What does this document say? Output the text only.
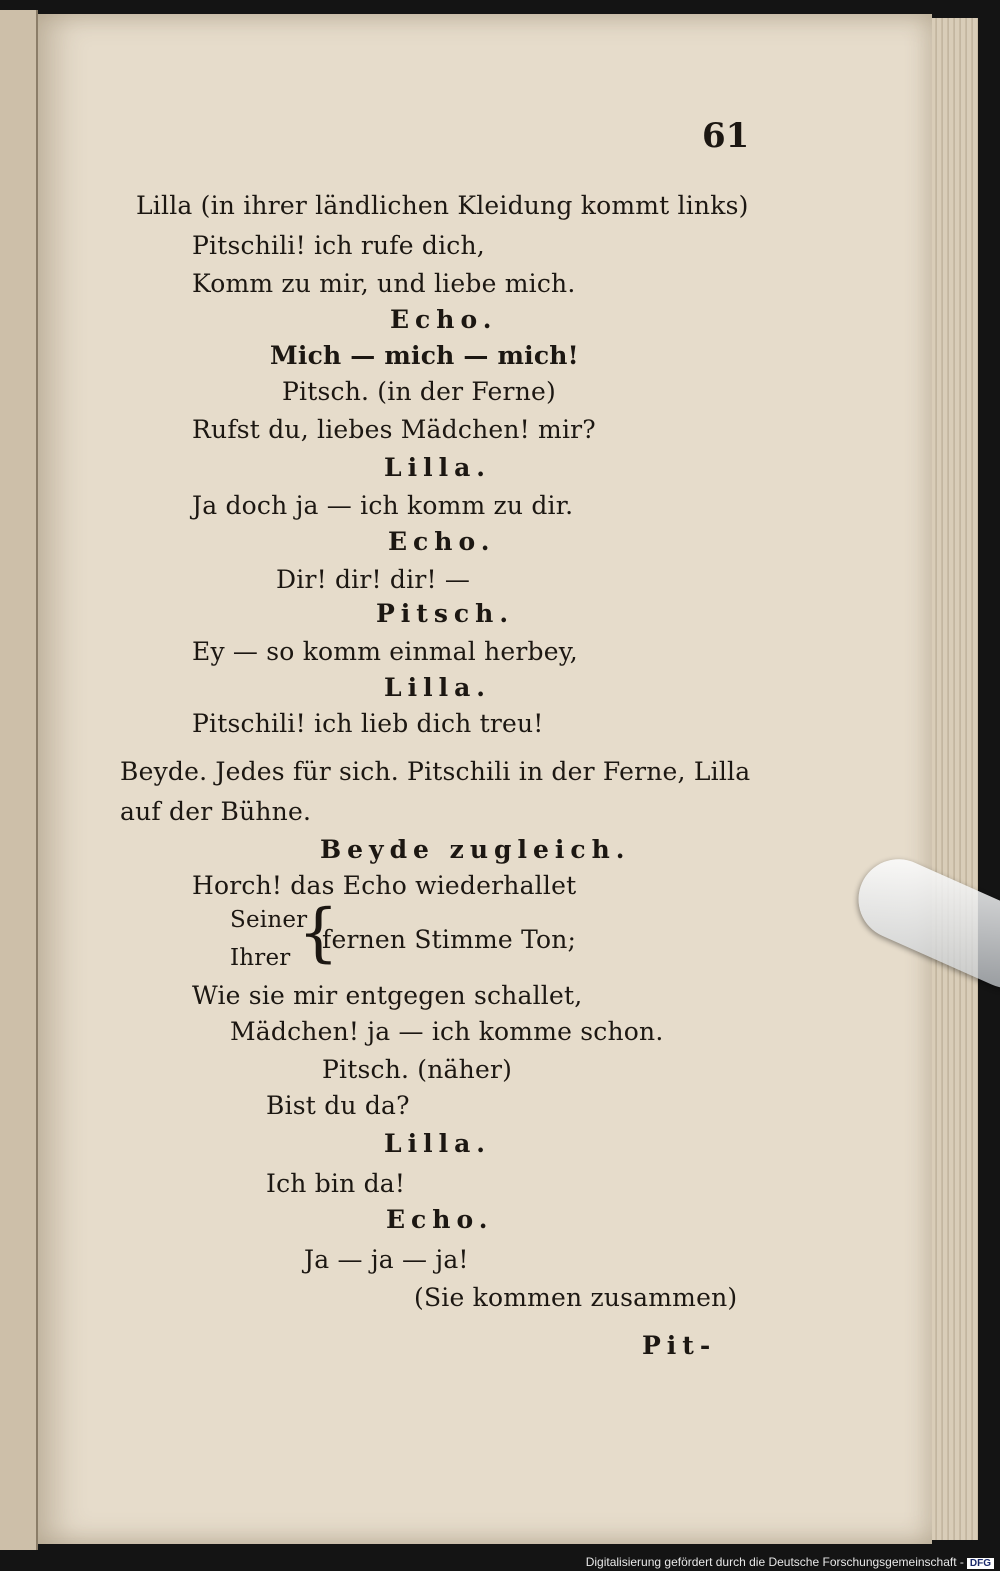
61
Lilla (in ihrer ländlichen Kleidung kommt links)
Pitschili! ich rufe dich,
Komm zu mir, und liebe mich.
Echo.
Mich — mich — mich!
Pitsch. (in der Ferne)
Rufst du, liebes Mädchen! mir?
Lilla.
Ja doch ja — ich komm zu dir.
Echo.
Dir! dir! dir! —
Pitsch.
Ey — so komm einmal herbey,
Lilla.
Pitschili! ich lieb dich treu!
Beyde. Jedes für sich. Pitschili in der Ferne, Lilla
auf der Bühne.
Beyde zugleich.
Horch! das Echo wiederhallet
Seiner
Ihrer {
fernen Stimme Ton;
Wie sie mir entgegen schallet,
Mädchen! ja — ich komme schon.
Pitsch. (näher)
Bist du da?
Lilla.
Ich bin da!
Echo.
Ja — ja — ja!
(Sie kommen zusammen)
Pit-
Digitalisierung gefördert durch die Deutsche Forschungsgemeinschaft - DFG
